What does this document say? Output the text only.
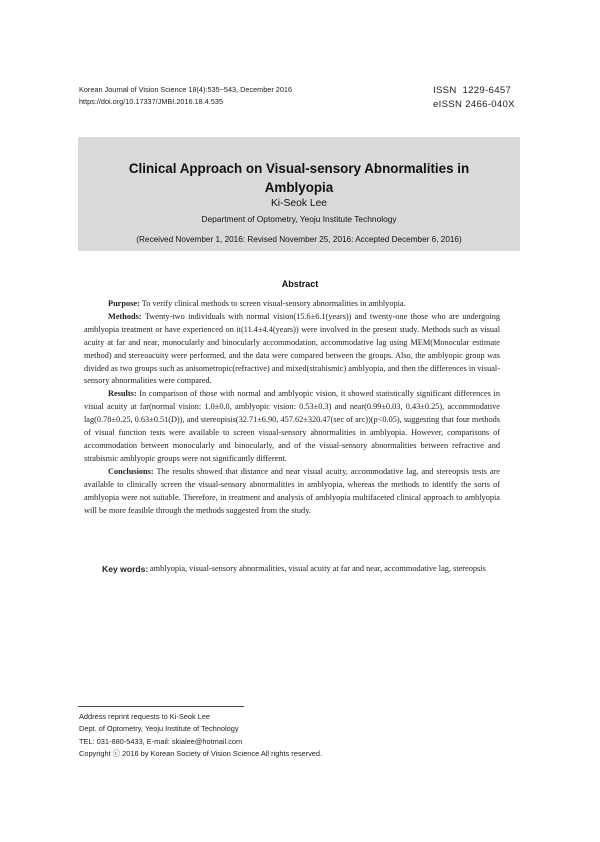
Korean Journal of Vision Science 18(4):535~543, December 2016
https://doi.org/10.17337/JMBI.2016.18.4.535
ISSN  1229-6457
eISSN 2466-040X
Clinical Approach on Visual-sensory Abnormalities in
Amblyopia
Ki-Seok Lee
Department of Optometry, Yeoju Institute Technology
(Received November 1, 2016: Revised November 25, 2016: Accepted December 6, 2016)
Abstract

Purpose: To verify clinical methods to screen visual-sensory abnormalities in amblyopia.

Methods: Twenty-two individuals with normal vision(15.6±6.1(years)) and twenty-one those who are undergoing amblyopia treatment or have experienced on it(11.4±4.4(years)) were involved in the present study. Methods such as visual acuity at far and near, monocularly and binocularly accommodation, accommodative lag using MEM(Monocular estimate method) and stereoacuity were performed, and the data were compared between the groups. Also, the amblyopic group was divided as two groups such as anisometropic(refractive) and mixed(strabismic) amblyopia, and then the differences in visual-sensory abnormalities were compared.

Results: In comparison of those with normal and amblyopic vision, it showed statistically significant differences in visual acuity at far(normal vision: 1.0±0.0, amblyopic vision: 0.53±0.3) and near(0.99±0.03, 0.43±0.25), accommodative lag(0.78±0.25, 0.63±0.51(D)), and stereopisis(32.71±6.90, 457.62±320.47(sec of arc))(p<0.05), suggesting that four methods of visual function tests were available to screen visual-sensory abnormalities in amblyopia. However, comparisons of accommodation between monocularly and binocularly, and of the visual-sensory abnormalities between refractive and strabismic amblyopic groups were not significantly different.

Conclusions: The results showed that distance and near visual acuity, accommodative lag, and stereopsis tests are available to clinically screen the visual-sensory abnormalities in amblyopia, whereas the methods to identify the sorts of amblyopia were not suitable. Therefore, in treatment and analysis of amblyopia multifaceted clinical approach to amblyopia will be more feasible through the methods suggested from the study.

Key words: amblyopia, visual-sensory abnormalities, visual acuity at far and near, accommodative lag, stereopsis
Address reprint requests to Ki-Seok Lee
Dept. of Optometry, Yeoju Institute of Technology
TEL: 031-880-5433, E-mail: skialee@hotmail.com
Copyright ⓒ 2016 by Korean Society of Vision Science All rights reserved.
